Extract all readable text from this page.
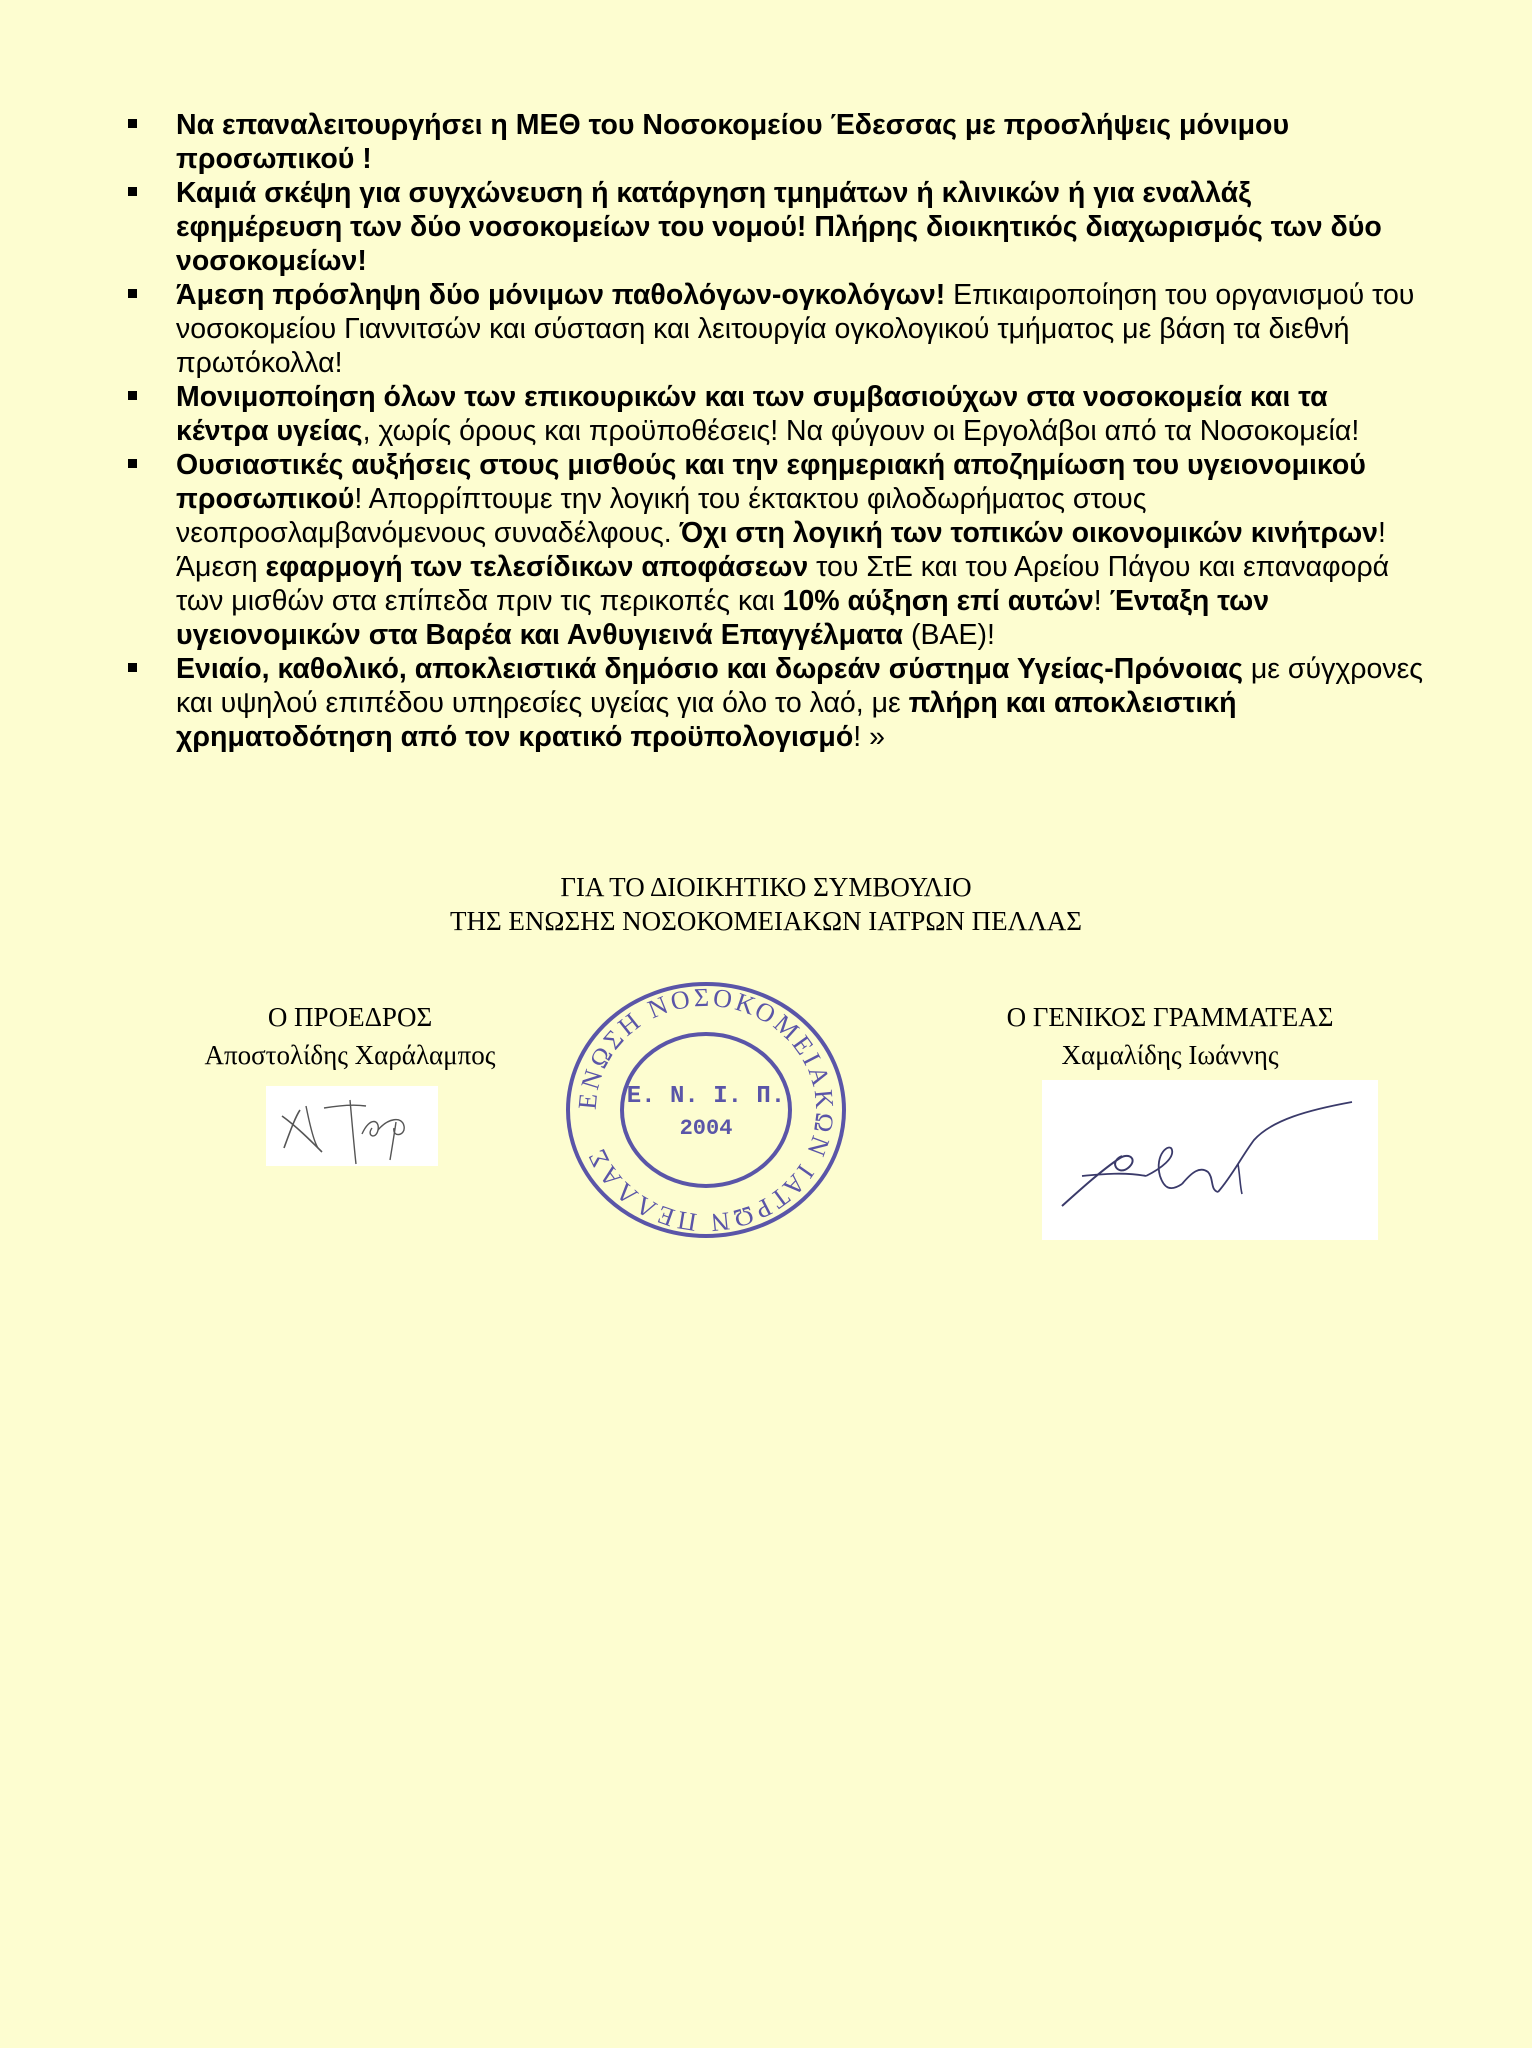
Να επαναλειτουργήσει η ΜΕΘ του Νοσοκομείου Έδεσσας με προσλήψεις μόνιμου προσωπικού !
Καμιά σκέψη για συγχώνευση ή κατάργηση τμημάτων ή κλινικών ή για εναλλάξ εφημέρευση των δύο νοσοκομείων του νομού! Πλήρης διοικητικός διαχωρισμός των δύο νοσοκομείων!
Άμεση πρόσληψη δύο μόνιμων παθολόγων-ογκολόγων! Επικαιροποίηση του οργανισμού του νοσοκομείου Γιαννιτσών και σύσταση και λειτουργία ογκολογικού τμήματος με βάση τα διεθνή πρωτόκολλα!
Μονιμοποίηση όλων των επικουρικών και των συμβασιούχων στα νοσοκομεία και τα κέντρα υγείας, χωρίς όρους και προϋποθέσεις! Να φύγουν οι Εργολάβοι από τα Νοσοκομεία!
Ουσιαστικές αυξήσεις στους μισθούς και την εφημεριακή αποζημίωση του υγειονομικού προσωπικού! Απορρίπτουμε την λογική του έκτακτου φιλοδωρήματος στους νεοπροσλαμβανόμενους συναδέλφους. Όχι στη λογική των τοπικών οικονομικών κινήτρων! Άμεση εφαρμογή των τελεσίδικων αποφάσεων του ΣτΕ και του Αρείου Πάγου και επαναφορά των μισθών στα επίπεδα πριν τις περικοπές και 10% αύξηση επί αυτών! Ένταξη των υγειονομικών στα Βαρέα και Ανθυγιεινά Επαγγέλματα (ΒΑΕ)!
Ενιαίο, καθολικό, αποκλειστικά δημόσιο και δωρεάν σύστημα Υγείας-Πρόνοιας με σύγχρονες και υψηλού επιπέδου υπηρεσίες υγείας για όλο το λαό, με πλήρη και αποκλειστική χρηματοδότηση από τον κρατικό προϋπολογισμό! »
ΓΙΑ ΤΟ ΔΙΟΙΚΗΤΙΚΟ ΣΥΜΒΟΥΛΙΟ
ΤΗΣ ΕΝΩΣΗΣ ΝΟΣΟΚΟΜΕΙΑΚΩΝ ΙΑΤΡΩΝ ΠΕΛΛΑΣ
Ο ΠΡΟΕΔΡΟΣ
Αποστολίδης Χαράλαμπος
Ο ΓΕΝΙΚΟΣ ΓΡΑΜΜΑΤΕΑΣ
Χαμαλίδης Ιωάννης
ΕΝΩΣΗ ΝΟΣΟΚΟΜΕΙΑΚΩΝ ΙΑΤΡΩΝ ΠΕΛΛΑΣ
Ε. Ν. Ι. Π.
2004
